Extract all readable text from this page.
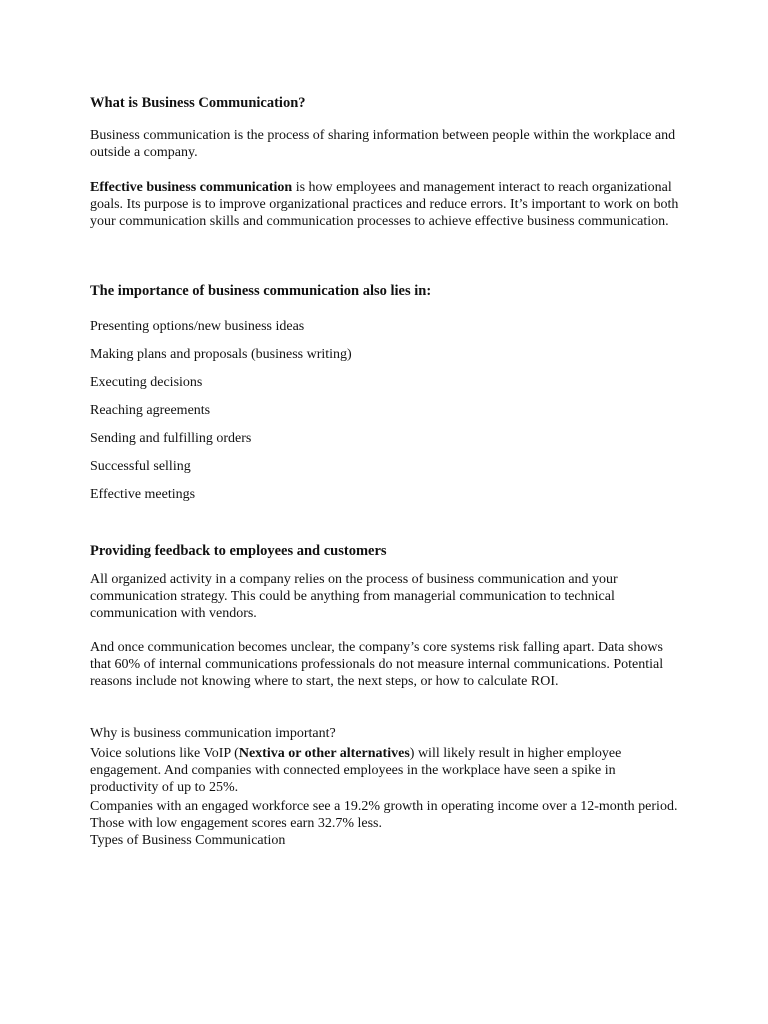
What is Business Communication?
Business communication is the process of sharing information between people within the workplace and outside a company.
Effective business communication is how employees and management interact to reach organizational goals. Its purpose is to improve organizational practices and reduce errors. It’s important to work on both your communication skills and communication processes to achieve effective business communication.
The importance of business communication also lies in:
Presenting options/new business ideas
Making plans and proposals (business writing)
Executing decisions
Reaching agreements
Sending and fulfilling orders
Successful selling
Effective meetings
Providing feedback to employees and customers
All organized activity in a company relies on the process of business communication and your communication strategy. This could be anything from managerial communication to technical communication with vendors.
And once communication becomes unclear, the company’s core systems risk falling apart. Data shows that 60% of internal communications professionals do not measure internal communications. Potential reasons include not knowing where to start, the next steps, or how to calculate ROI.
Why is business communication important?
Voice solutions like VoIP (Nextiva or other alternatives) will likely result in higher employee engagement. And companies with connected employees in the workplace have seen a spike in productivity of up to 25%.
Companies with an engaged workforce see a 19.2% growth in operating income over a 12-month period. Those with low engagement scores earn 32.7% less.
Types of Business Communication
